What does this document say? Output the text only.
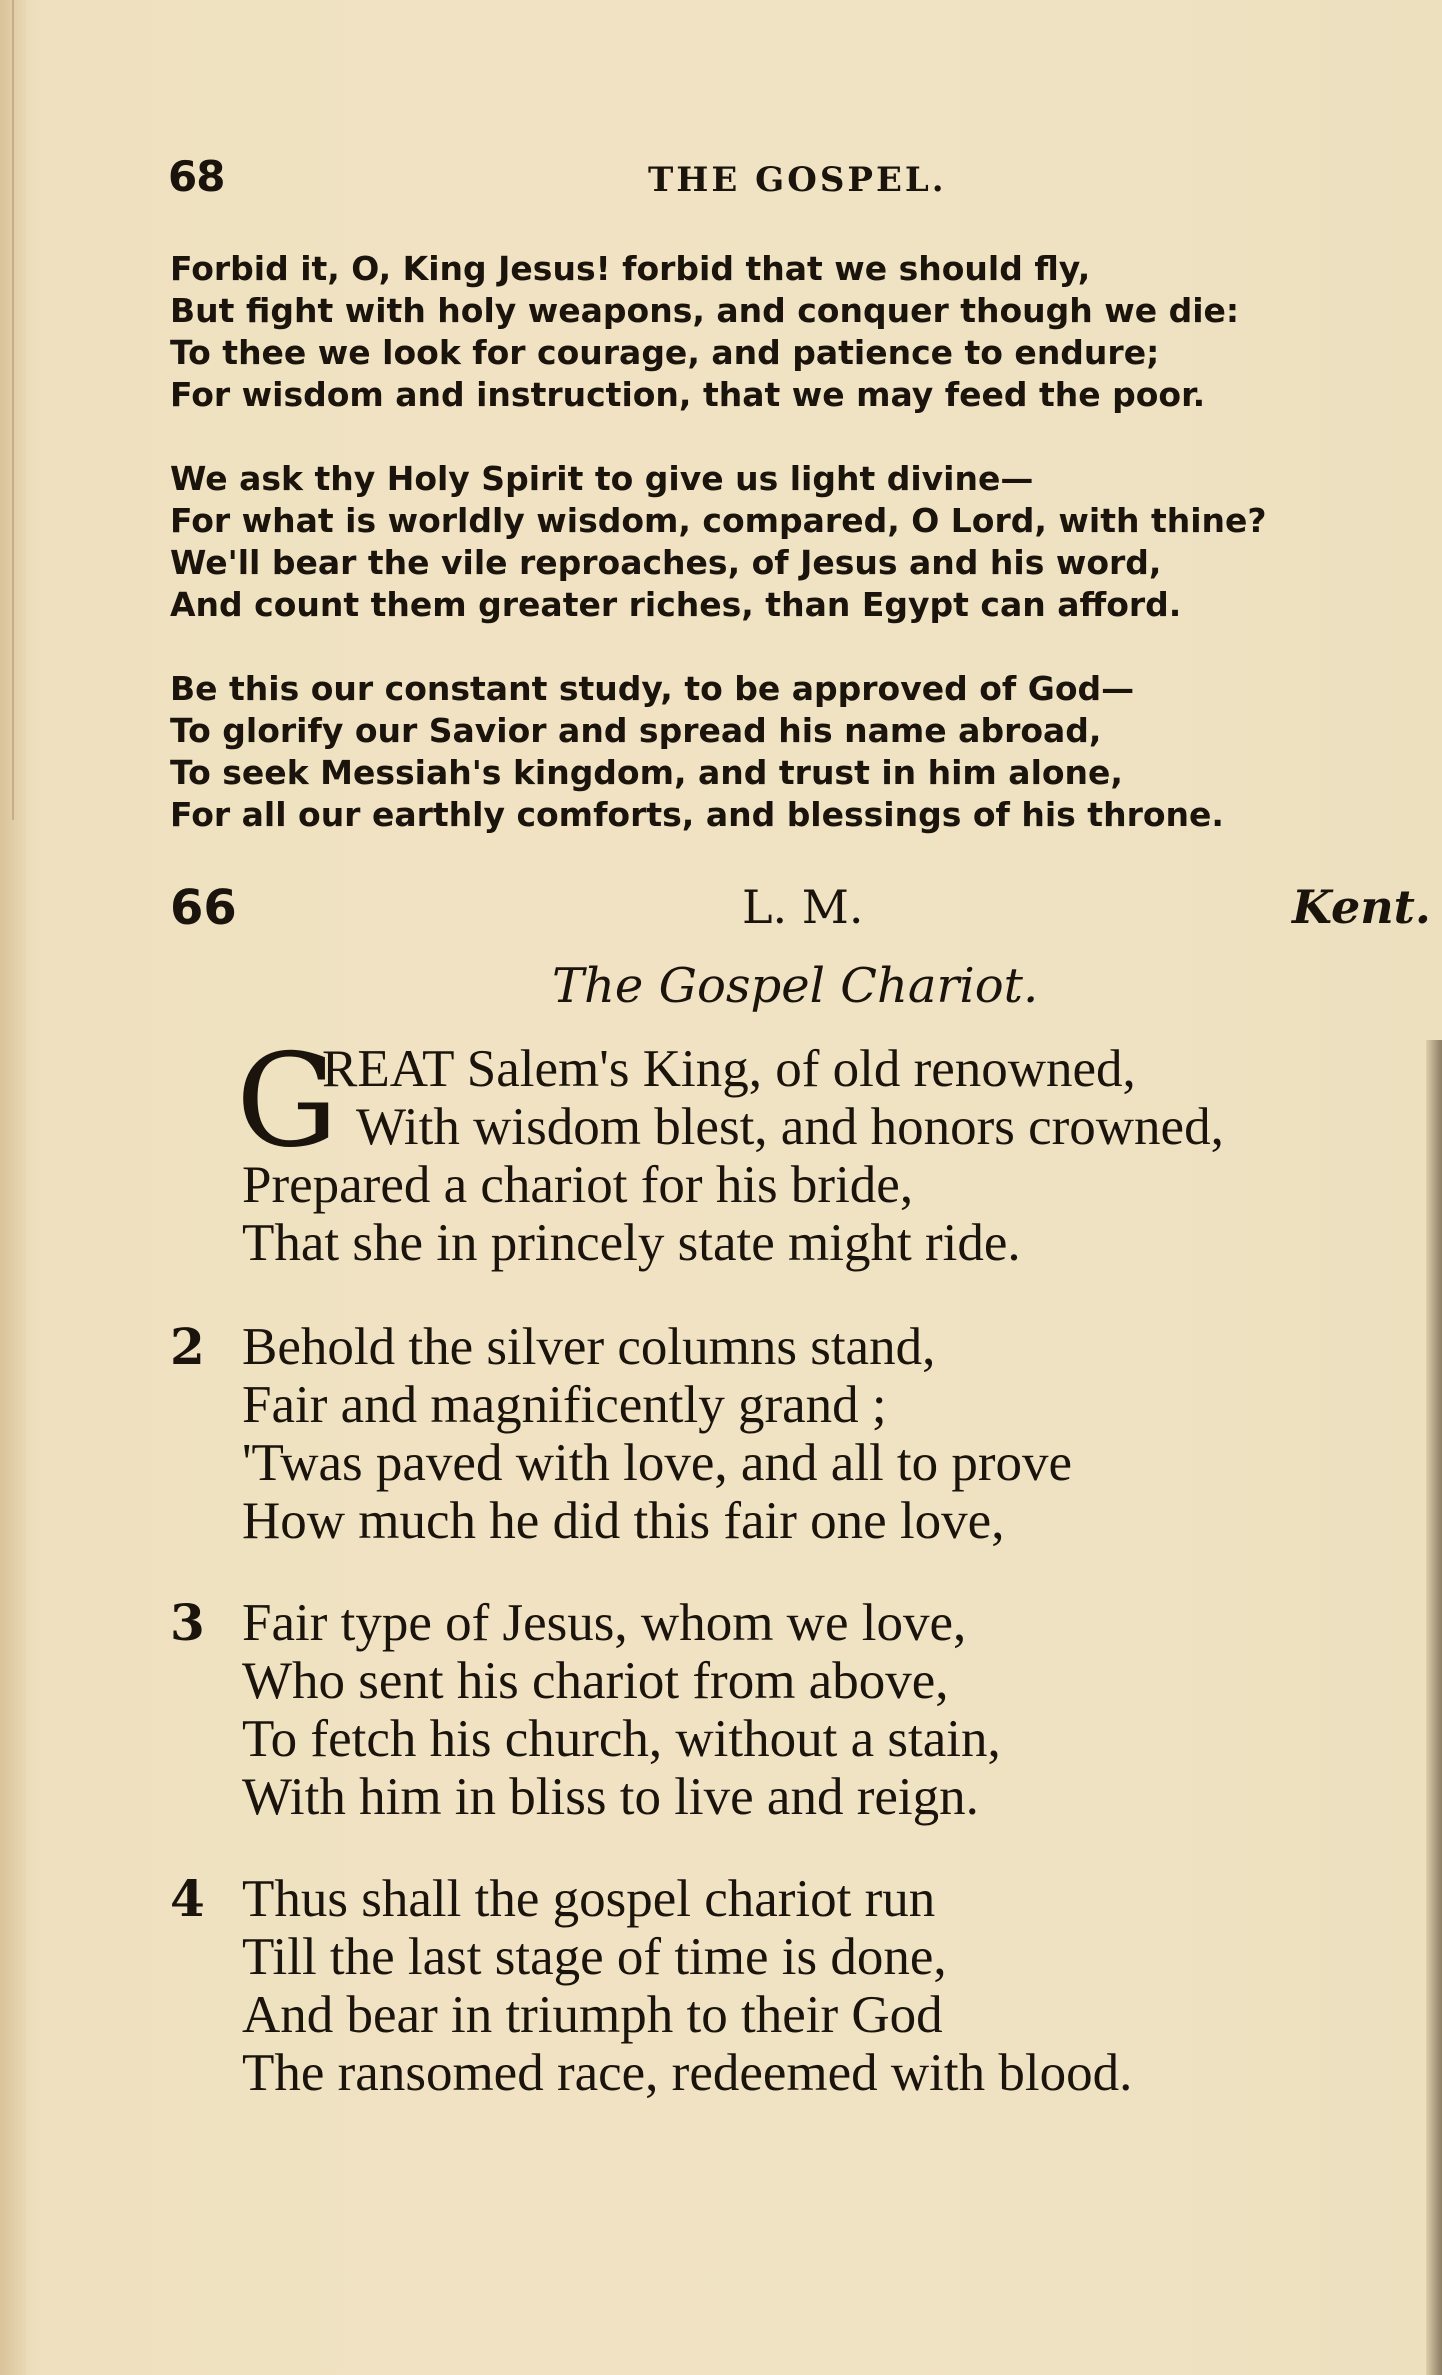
68	THE GOSPEL.
Forbid it, O, King Jesus! forbid that we should fly,
But fight with holy weapons, and conquer though we die:
To thee we look for courage, and patience to endure;
For wisdom and instruction, that we may feed the poor.
We ask thy Holy Spirit to give us light divine—
For what is worldly wisdom, compared, O Lord, with thine?
We'll bear the vile reproaches, of Jesus and his word,
And count them greater riches, than Egypt can afford.
Be this our constant study, to be approved of God—
To glorify our Savior and spread his name abroad,
To seek Messiah's kingdom, and trust in him alone,
For all our earthly comforts, and blessings of his throne.
66	L. M.	Kent.
The Gospel Chariot.
G
REAT Salem's King, of old renowned,
With wisdom blest, and honors crowned,
Prepared a chariot for his bride,
That she in princely state might ride.
2 Behold the silver columns stand,
Fair and magnificently grand ;
'Twas paved with love, and all to prove
How much he did this fair one love,
3 Fair type of Jesus, whom we love,
Who sent his chariot from above,
To fetch his church, without a stain,
With him in bliss to live and reign.
4 Thus shall the gospel chariot run
Till the last stage of time is done,
And bear in triumph to their God
The ransomed race, redeemed with blood.
